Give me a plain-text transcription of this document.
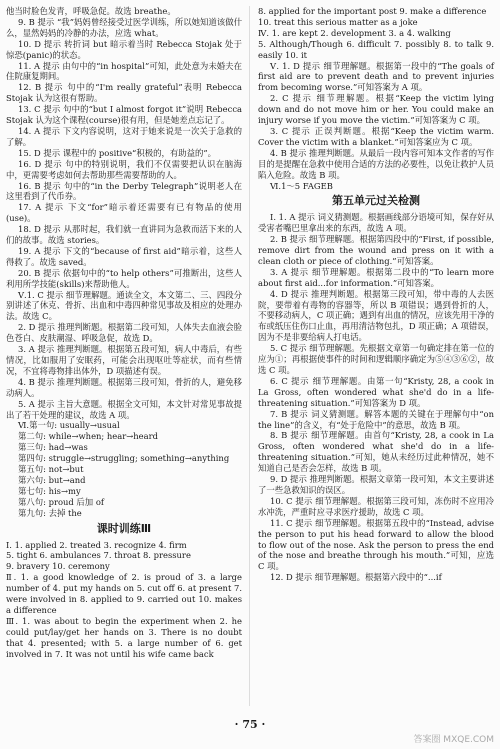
他当时脸色发青，呼吸急促。故选 breathe。

9. B 提示 “我”妈妈曾经接受过医学训练，所以她知道该做什么，显然妈妈的冷静的办法，应选 what。

10. D 提示 转折词 but 暗示着当时 Rebecca Stojak 处于惊恐(panic)的状态。

11. A 提示 由句中的“in hospital”可知，此处意为未婚夫在住院康复期间。

12. B 提示 句中的“I'm really grateful”表明 Rebecca Stojak 认为这很有帮助。

13. C 提示 句中的“but I almost forgot it”说明 Rebecca Stojak 认为这个课程(course)很有用，但是她差点忘记了。

14. A 提示 下文内容说明，这对于她来说是一次关于急救的了解。

15. D 提示 课程中的 positive“积极的，有助益的”。

16. D 提示 句中的特别说明，我们不仅需要把认识在脑海中，更需要考虑如何去帮助那些需要帮助的人。

16. B 提示 句中的“in the Derby Telegraph”说明老人在这里看到了代币券。

17. A 提示 下文“for”暗示着还需要有已有物品的使用(use)。

18. D 提示 从那时起，我们就一直讲同为急救而活下来的人们的故事。故选 stories。

19. A 提示 下文的“because of first aid”暗示着，这些人得救了。故选 saved。

20. B 提示 依据句中的“to help others”可推断出，这些人利用所学技能(skills)来帮助他人。

Ⅴ.1. C 提示 细节理解题。通读全文，本文第二、三、四段分别讲述了休克、骨折、出血和中毒四种常见事故及相应的处理办法。故选 C。

2. D 提示 推理判断题。根据第二段可知，人体失去血液会脸色苍白、皮肤潮湿、呼吸急促，故选 D。

3. A 提示 推理判断题。根据第五段可知，病人中毒后，有些情况，比如服用了安眠药，可能会出现呕吐等症状，而有些情况，不宜将毒物排出体外，D 项描述有误。

4. B 提示 推理判断题。根据第三段可知，骨折的人，避免移动病人。

5. A 提示 主旨大意题。根据全文可知，本文针对常见事故提出了若干处理的建议，故选 A 项。

Ⅵ.第一句: usually→usual

第二句: while→when; hear→heard

第三句: had→was

第四句: struggle→struggling; something→anything

第五句: not→but

第六句: but→and

第七句: his→my

第八句: proud 后加 of

第九句: 去掉 the

课时训练Ⅲ

Ⅰ. 1. applied 2. treated 3. recognize 4. firm

5. tight 6. ambulances 7. throat 8. pressure

9. bravery 10. ceremony

Ⅱ. 1. a good knowledge of 2. is proud of 3. a large number of 4. put my hands on 5. cut off 6. at present 7. were involved in 8. applied to 9. carried out 10. makes a difference

Ⅲ. 1. was about to begin the experiment when 2. he could put/lay/get her hands on 3. There is no doubt that 4. presented; with 5. a large number of 6. get involved in 7. It was not until his wife came back

8. applied for the important post 9. make a difference

10. treat this serious matter as a joke

Ⅳ. 1. are kept 2. development 3. a 4. walking

5. Although/Though 6. difficult 7. possibly 8. to talk 9. easily 10. it

Ⅴ. 1. D 提示 细节理解题。根据第一段中的“The goals of first aid are to prevent death and to prevent injuries from becoming worse.”可知答案为 A 项。

2. C 提示 细节理解题。根据“Keep the victim lying down and do not move him or her. You could make an injury worse if you move the victim.”可知答案为 C 项。

3. C 提示 正误判断题。根据“Keep the victim warm. Cover the victim with a blanket.”可知答案应为 C 项。

4. B 提示 推理判断题。从最后一段内容可知本文作者的写作目的是提醒在急救中使用合适的方法的必要性，以免让救护人员陷入危险。故选 B 项。

Ⅵ.1～5 FAGEB

第五单元过关检测

Ⅰ. 1. A 提示 词义猜测题。根据画线部分语境可知，保存好从受害者嘴巴里拿出来的东西，故选 A 项。

2. B 提示 细节理解题。根据第四段中的“First, if possible, remove dirt from the wound and press on it with a clean cloth or piece of clothing.”可知答案。

3. A 提示 细节理解题。根据第二段中的“To learn more about first aid...for information.”可知答案。

4. D 提示 推理判断题。根据第三段可知，带中毒的人去医院，要带着有毒物的容器等，所以 B 项错误；遇到骨折的人，不要移动病人，C 项正确；遇到有出血的情况，应该先用干净的布或纸压住伤口止血，再用清洁物包扎，D 项正确；A 项错误，因为不是非要给病人打电话。

5. C 提示 细节理解题。先根据文章第一句确定排在第一位的应为①；再根据使事件的时间和逻辑顺序确定为⑤④③⑥②，故选 C 项。

6. C 提示 细节理解题。由第一句“Kristy, 28, a cook in La Gross, often wondered what she'd do in a life-threatening situation.”可知答案为 D 项。

7. B 提示 词义猜测题。解答本题的关键在于理解句中“on the line”的含义，有“处于危险中”的意思，故选 B 项。

8. B 提示 细节理解题。由首句“Kristy, 28, a cook in La Gross, often wondered what she'd do in a life-threatening situation.”可知，她从未经历过此种情况，她不知道自己是否会怎样，故选 B 项。

9. D 提示 推理判断题。根据文章第一段可知，本文主要讲述了一些急救知识的误区。

10. C 提示 细节理解题。根据第三段可知，冻伤时不应用冷水冲洗，严重时应寻求医疗援助，故选 C 项。

11. C 提示 细节理解题。根据第五段中的“Instead, advise the person to put his head forward to allow the blood to flow out of the nose. Ask the person to press the end of the nose and breathe through his mouth.”可知，应选 C 项。

12. D 提示 细节理解题。根据第六段中的“...if

· 75 ·
答案圈 MXQE.COM
